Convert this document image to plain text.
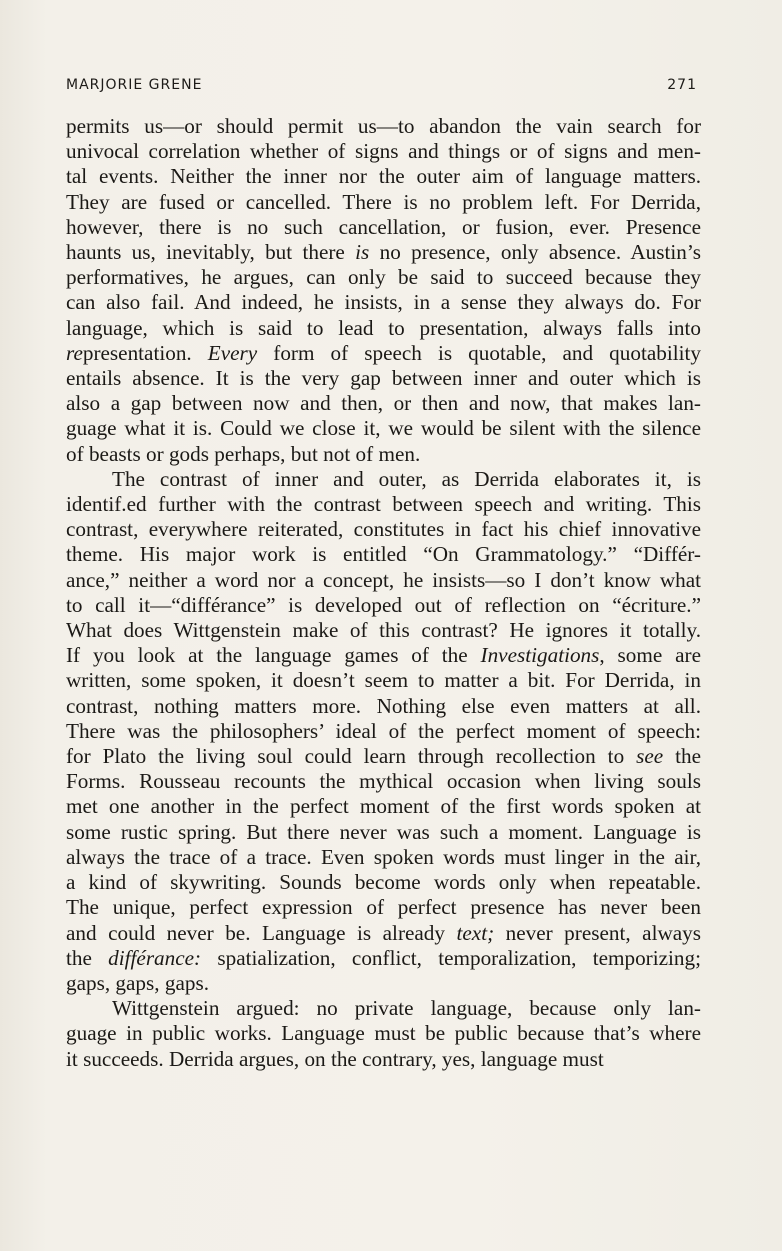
MARJORIE GRENE	271

permits us—or should permit us—to abandon the vain search for
univocal correlation whether of signs and things or of signs and men-
tal events. Neither the inner nor the outer aim of language matters.
They are fused or cancelled. There is no problem left. For Derrida,
however, there is no such cancellation, or fusion, ever. Presence
haunts us, inevitably, but there is no presence, only absence. Austin’s
performatives, he argues, can only be said to succeed because they
can also fail. And indeed, he insists, in a sense they always do. For
language, which is said to lead to presentation, always falls into
representation. Every form of speech is quotable, and quotability
entails absence. It is the very gap between inner and outer which is
also a gap between now and then, or then and now, that makes lan-
guage what it is. Could we close it, we would be silent with the silence
of beasts or gods perhaps, but not of men.

The contrast of inner and outer, as Derrida elaborates it, is
identif.ed further with the contrast between speech and writing. This
contrast, everywhere reiterated, constitutes in fact his chief innovative
theme. His major work is entitled “On Grammatology.” “Différ-
ance,” neither a word nor a concept, he insists—so I don’t know what
to call it—“différance” is developed out of reflection on “écriture.”
What does Wittgenstein make of this contrast? He ignores it totally.
If you look at the language games of the Investigations, some are
written, some spoken, it doesn’t seem to matter a bit. For Derrida, in
contrast, nothing matters more. Nothing else even matters at all.
There was the philosophers’ ideal of the perfect moment of speech:
for Plato the living soul could learn through recollection to see the
Forms. Rousseau recounts the mythical occasion when living souls
met one another in the perfect moment of the first words spoken at
some rustic spring. But there never was such a moment. Language is
always the trace of a trace. Even spoken words must linger in the air,
a kind of skywriting. Sounds become words only when repeatable.
The unique, perfect expression of perfect presence has never been
and could never be. Language is already text; never present, always
the différance: spatialization, conflict, temporalization, temporizing;
gaps, gaps, gaps.

Wittgenstein argued: no private language, because only lan-
guage in public works. Language must be public because that’s where
it succeeds. Derrida argues, on the contrary, yes, language must
